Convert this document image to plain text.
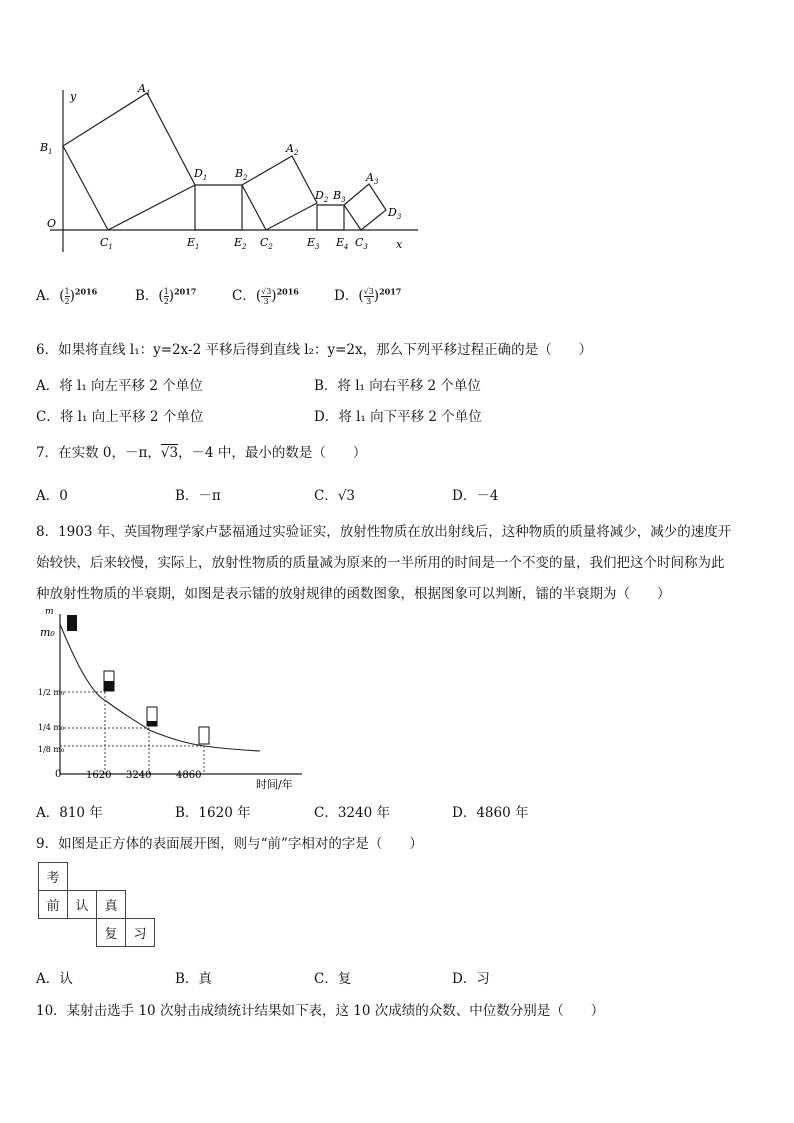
y
x
O
$B_1$
$A_1$
$D_1$	$B_2$
$A_2$
$D_2$ $B_3$
$A_3$
$D_3$
$C_1$	$E_1$	$E_2$ $C_2$	$E_3$ $E_4$ $C_3$
A．( $\frac{1}{2} )^{2016}$	B．( $\frac{1}{2} )^{2017}$	C．( $\frac{√3}{3} )^{2016}$	D．( $\frac{√3}{3} )^{2017}$
6．如果将直线 l₁：y=2x-2 平移后得到直线 l₂：y=2x，那么下列平移过程正确的是（　　）
A．将 l₁ 向左平移 2 个单位	B．将 l₁ 向右平移 2 个单位
C．将 l₁ 向上平移 2 个单位	D．将 l₁ 向下平移 2 个单位
7．在实数 0，－π，√3，－4 中，最小的数是（　　）
A．0	B．－π	C．√3	D．－4
8．1903 年、英国物理学家卢瑟福通过实验证实，放射性物质在放出射线后，这种物质的质量将减少，减少的速度开
始较快，后来较慢，实际上，放射性物质的质量减为原来的一半所用的时间是一个不变的量，我们把这个时间称为此
种放射性物质的半衰期，如图是表示镭的放射规律的函数图象，根据图象可以判断，镭的半衰期为（　　）
m
m₀
1/2 m₀
1/4 m₀
1/8 m₀
0 1620 3240 4860
时间/年
A．810 年	B．1620 年	C．3240 年	D．4860 年
9．如图是正方体的表面展开图，则与“前”字相对的字是（　　）
考			
前	认	真	
		复	习
A．认	B．真	C．复	D．习
10．某射击选手 10 次射击成绩统计结果如下表，这 10 次成绩的众数、中位数分别是（　　）
